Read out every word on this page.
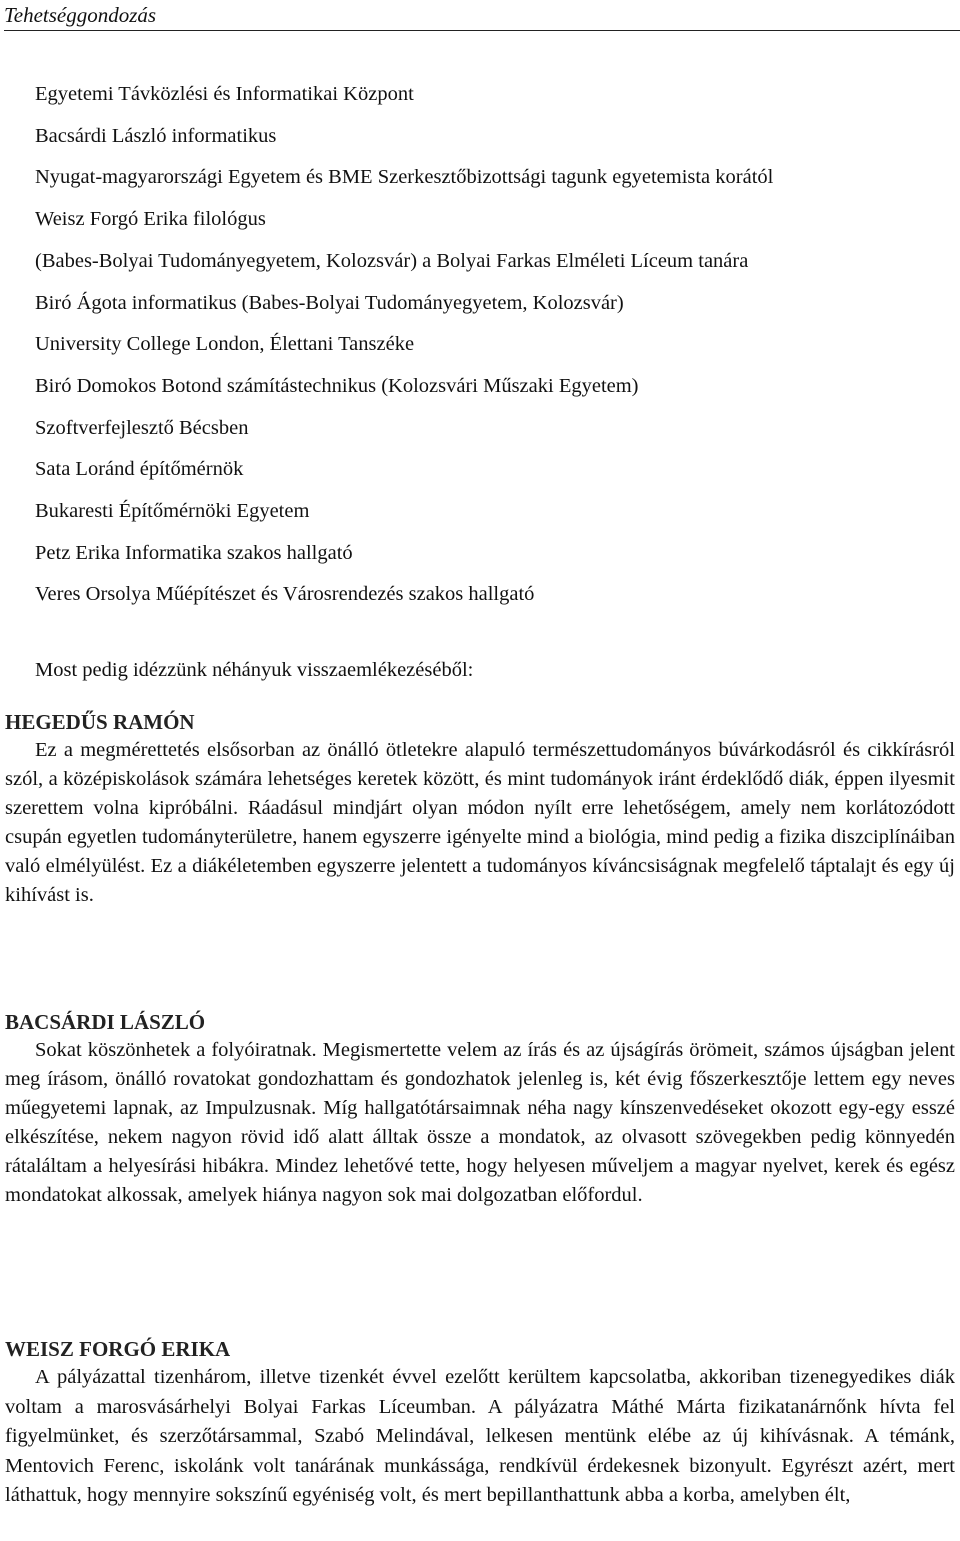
Tehetséggondozás
Egyetemi Távközlési és Informatikai Központ
Bacsárdi László informatikus
Nyugat-magyarországi Egyetem és BME Szerkesztőbizottsági tagunk egyetemista korától
Weisz Forgó Erika filológus
(Babes-Bolyai Tudományegyetem, Kolozsvár) a Bolyai Farkas Elméleti Líceum tanára
Biró Ágota informatikus (Babes-Bolyai Tudományegyetem, Kolozsvár)
University College London, Élettani Tanszéke
Biró Domokos Botond számítástechnikus (Kolozsvári Műszaki Egyetem)
Szoftverfejlesztő Bécsben
Sata Loránd építőmérnök
Bukaresti Építőmérnöki Egyetem
Petz Erika Informatika szakos hallgató
Veres Orsolya Műépítészet és Városrendezés szakos hallgató
Most pedig idézzünk néhányuk visszaemlékezéséből:
HEGEDŰS RAMÓN

Ez a megmérettetés elsősorban az önálló ötletekre alapuló természettudományos búvárkodásról és cikkírásról szól, a középiskolások számára lehetséges keretek között, és mint tudományok iránt érdeklődő diák, éppen ilyesmit szerettem volna kipróbálni. Ráadásul mindjárt olyan módon nyílt erre lehetőségem, amely nem korlátozódott csupán egyetlen tudományterületre, hanem egyszerre igényelte mind a biológia, mind pedig a fizika diszciplínáiban való elmélyülést. Ez a diákéletemben egyszerre jelentett a tudományos kíváncsiságnak megfelelő táptalajt és egy új kihívást is.

BACSÁRDI LÁSZLÓ

Sokat köszönhetek a folyóiratnak. Megismertette velem az írás és az újságírás örömeit, számos újságban jelent meg írásom, önálló rovatokat gondozhattam és gondozhatok jelenleg is, két évig főszerkesztője lettem egy neves műegyetemi lapnak, az Impulzusnak. Míg hallgatótársaimnak néha nagy kínszenvedéseket okozott egy-egy esszé elkészítése, nekem nagyon rövid idő alatt álltak össze a mondatok, az olvasott szövegekben pedig könnyedén rátaláltam a helyesírási hibákra. Mindez lehetővé tette, hogy helyesen műveljem a magyar nyelvet, kerek és egész mondatokat alkossak, amelyek hiánya nagyon sok mai dolgozatban előfordul.

WEISZ FORGÓ ERIKA

A pályázattal tizenhárom, illetve tizenkét évvel ezelőtt kerültem kapcsolatba, akkoriban tizenegyedikes diák voltam a marosvásárhelyi Bolyai Farkas Líceumban. A pályázatra Máthé Márta fizikatanárnőnk hívta fel figyelmünket, és szerzőtársammal, Szabó Melindával, lelkesen mentünk elébe az új kihívásnak. A témánk, Mentovich Ferenc, iskolánk volt tanárának munkássága, rendkívül érdekesnek bizonyult. Egyrészt azért, mert láthattuk, hogy mennyire sokszínű egyéniség volt, és mert bepillanthattunk abba a korba, amelyben élt,
